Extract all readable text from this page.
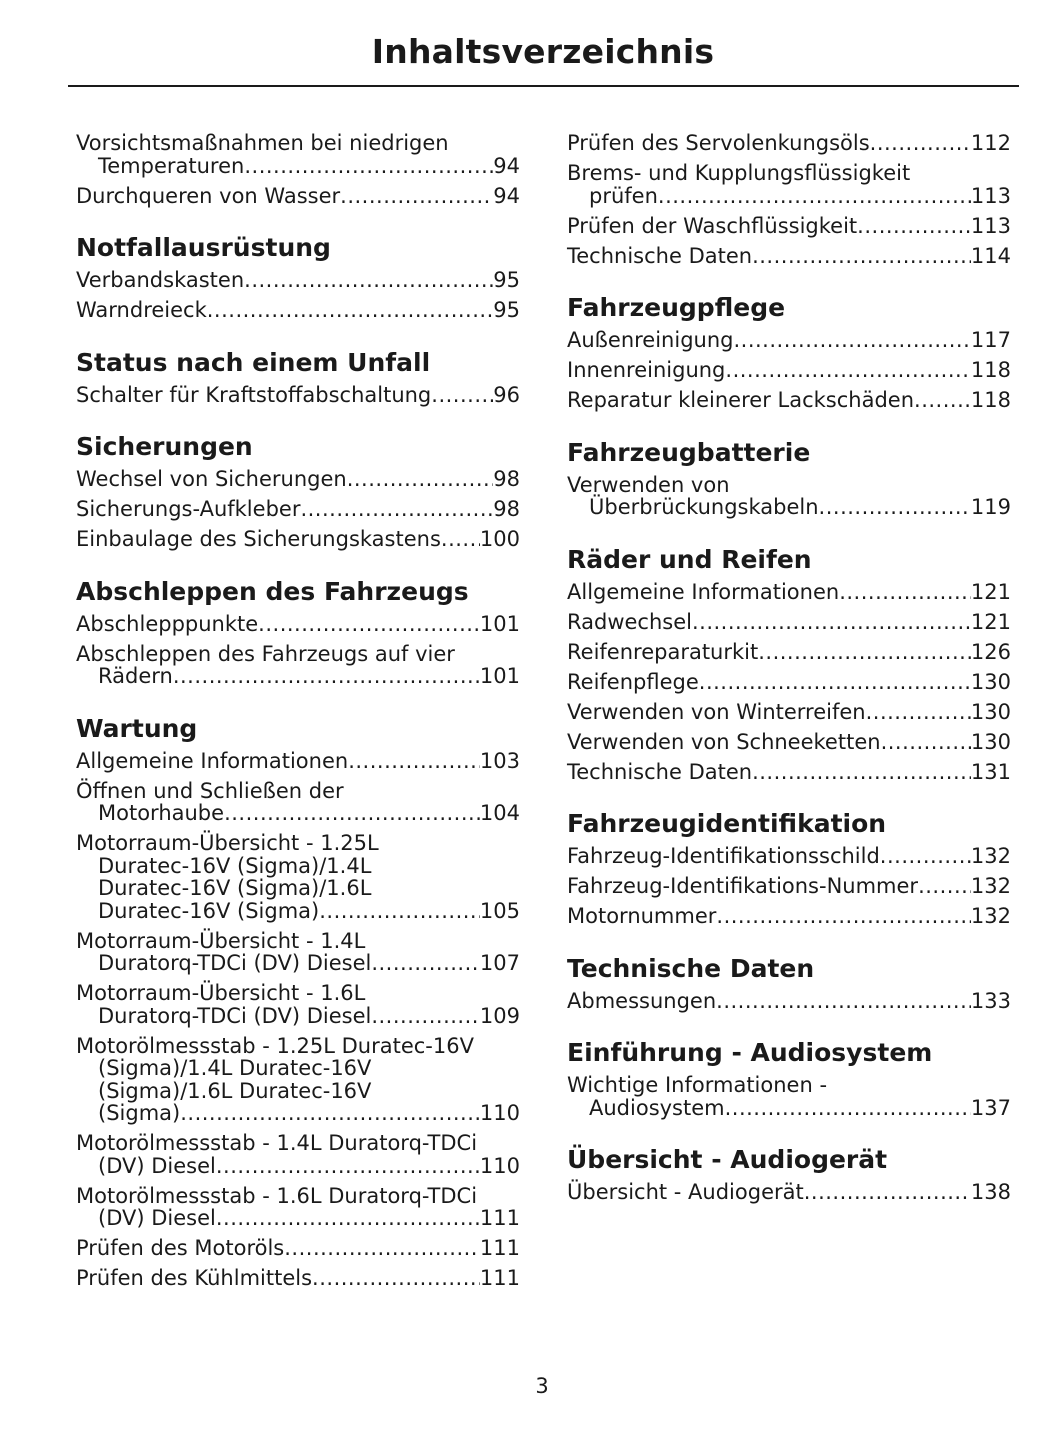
Inhaltsverzeichnis
Vorsichtsmaßnahmen bei niedrigen
Temperaturen .....	94
Durchqueren von Wasser .....	94
Notfallausrüstung
Verbandskasten .....	95
Warndreieck .....	95
Status nach einem Unfall
Schalter für Kraftstoffabschaltung .....	96
Sicherungen
Wechsel von Sicherungen .....	98
Sicherungs-Aufkleber .....	98
Einbaulage des Sicherungskastens ..... 100
Abschleppen des Fahrzeugs
Abschlepppunkte .....	101
Abschleppen des Fahrzeugs auf vier
Rädern .....	101
Wartung
Allgemeine Informationen .....	103
Öffnen und Schließen der
Motorhaube .....	104
Motorraum-Übersicht - 1.25L
Duratec-16V (Sigma)/1.4L
Duratec-16V (Sigma)/1.6L
Duratec-16V (Sigma) .....	105
Motorraum-Übersicht - 1.4L
Duratorq-TDCi (DV) Diesel .....	107
Motorraum-Übersicht - 1.6L
Duratorq-TDCi (DV) Diesel .....	109
Motorölmessstab - 1.25L Duratec-16V
(Sigma)/1.4L Duratec-16V
(Sigma)/1.6L Duratec-16V
(Sigma) .....	110
Motorölmessstab - 1.4L Duratorq-TDCi
(DV) Diesel .....	110
Motorölmessstab - 1.6L Duratorq-TDCi
(DV) Diesel .....	111
Prüfen des Motoröls .....	111
Prüfen des Kühlmittels .....	111
Prüfen des Servolenkungsöls .....	112
Brems- und Kupplungsflüssigkeit
prüfen .....	113
Prüfen der Waschflüssigkeit .....	113
Technische Daten .....	114
Fahrzeugpflege
Außenreinigung .....	117
Innenreinigung .....	118
Reparatur kleinerer Lackschäden .....	118
Fahrzeugbatterie
Verwenden von
Überbrückungskabeln .....	119
Räder und Reifen
Allgemeine Informationen .....	121
Radwechsel .....	121
Reifenreparaturkit .....	126
Reifenpflege .....	130
Verwenden von Winterreifen .....	130
Verwenden von Schneeketten .....	130
Technische Daten .....	131
Fahrzeugidentifikation
Fahrzeug-Identifikationsschild .....	132
Fahrzeug-Identifikations-Nummer .....	132
Motornummer .....	132
Technische Daten
Abmessungen .....	133
Einführung - Audiosystem
Wichtige Informationen -
Audiosystem .....	137
Übersicht - Audiogerät
Übersicht - Audiogerät .....	138
3
